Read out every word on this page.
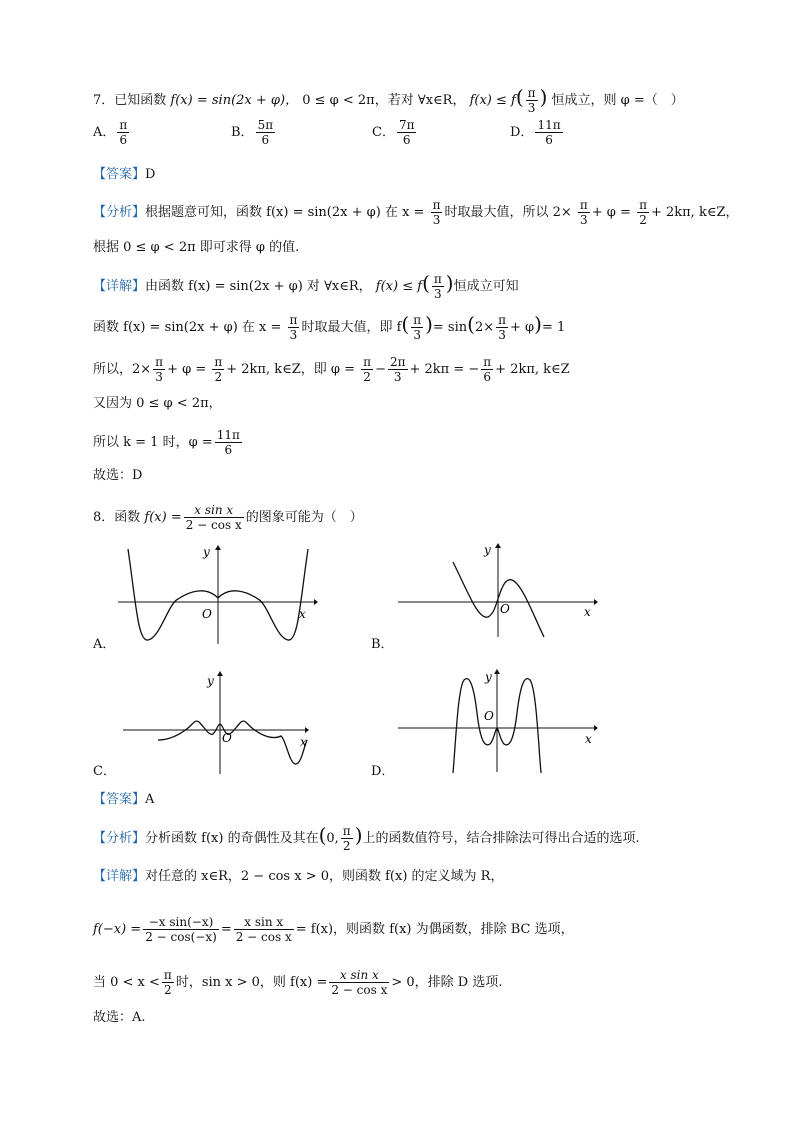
7．已知函数 f(x) = sin(2x + φ)， 0 ≤ φ < 2π，若对 ∀x∈R， $f(x) \le f( \frac{\pi}{3}$ ) 恒成立，则 φ =（　）
A． $\frac{\pi}{6}$	B． $\frac{5\pi}{6}$	C． $\frac{7\pi}{6}$	D． $\frac{11\pi}{6}$
【答案】D
【分析】根据题意可知，函数 f(x) = sin(2x + φ) 在 $x = \frac{\pi}{3}$ 时取最大值，所以 $2\times \frac{\pi}{3} + \varphi = \frac{\pi}{2} + 2k\pi$, k∈Z，
根据 0 ≤ φ < 2π 即可求得 φ 的值.
【详解】由函数 f(x) = sin(2x + φ) 对 ∀x∈R， $f(x) \le f( \frac{\pi}{3}$ )恒成立可知
函数 f(x) = sin(2x + φ) 在 $x = \frac{\pi}{3}$ 时取最大值，即 $f( \frac{\pi}{3}$ )= $\sin(2\times \frac{\pi}{3} + \varphi)= 1$
所以，$2\times \frac{\pi}{3} + \varphi = \frac{\pi}{2} + 2k\pi$, k∈Z，即 $\varphi = \frac{\pi}{2} - \frac{2\pi}{3} + 2k\pi$ = − $\frac{\pi}{6} + 2k\pi$, k∈Z
又因为 0 ≤ φ < 2π，
所以 k = 1 时，$\varphi = \frac{11\pi}{6}$
故选：D
8．函数 $f(x) = \frac{\text{x sin x}}{\text{2 − cos x}}$ 的图象可能为（　）
y
x
O
A．
y
x
O
B．
y
x
O
C．
y
x
O
D．
【答案】A
【分析】分析函数 f(x) 的奇偶性及其在(0, $\frac{\pi}{2}$ )上的函数值符号，结合排除法可得出合适的选项.
【详解】对任意的 x∈R，2 − cos x > 0，则函数 f(x) 的定义域为 R，
$f(-x) = \frac{\text{−x sin(−x)}}{2 - \cos(-x)} = \frac{\text{x sin x}}{\text{2 − cos x}} = f(x)$，则函数 f(x) 为偶函数，排除 BC 选项，
当 $0 < x < \frac{\pi}{2}$ 时，sin x > 0，则 $f(x) = \frac{\text{x sin x}}{\text{2 − cos x}} > 0$，排除 D 选项.
故选：A.
